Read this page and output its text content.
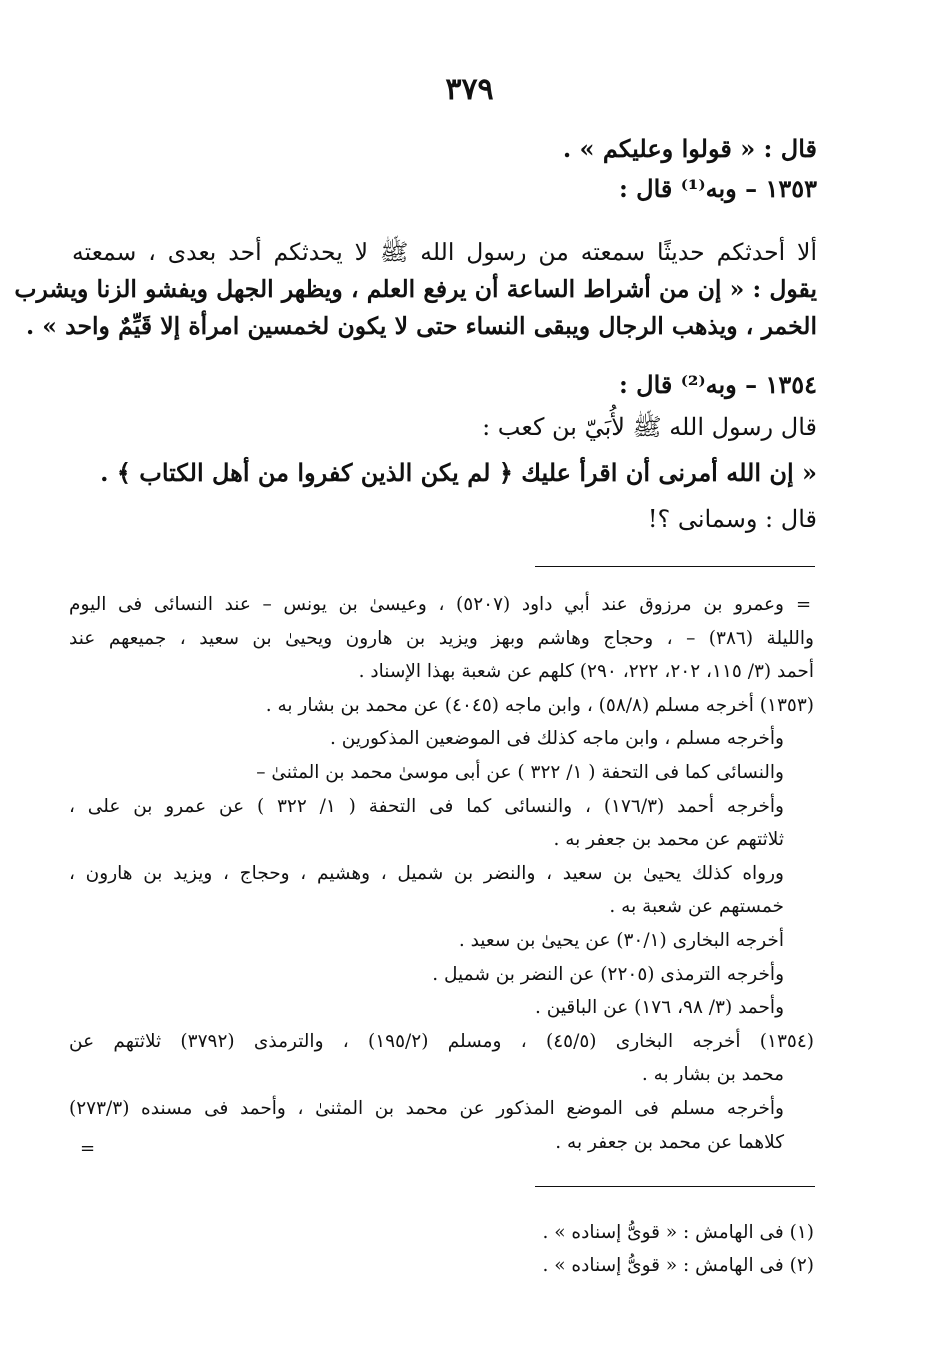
٣٧٩
قال : « قولوا وعليكم » .
١٣٥٣ – وبه⁽¹⁾ قال :
ألا أحدثكم حديثًا سمعته من رسول الله ﷺ لا يحدثكم أحد بعدى ، سمعته
يقول : « إن من أشراط الساعة أن يرفع العلم ، ويظهر الجهل ويفشو الزنا ويشرب
الخمر ، ويذهب الرجال ويبقى النساء حتى لا يكون لخمسين امرأة إلا قَيِّمٌ واحد » .
١٣٥٤ – وبه⁽²⁾ قال :
قال رسول الله ﷺ لأُبَيّ بن كعب :
« إن الله أمرنى أن اقرأ عليك ﴿ لم يكن الذين كفروا من أهل الكتاب ﴾ .
قال : وسمانى ؟!
=
وعمرو بن مرزوق عند أبي داود (٥٢٠٧) ، وعيسىٰ بن يونس – عند النسائى فى اليوم
والليلة (٣٨٦) – ، وحجاج وهاشم وبهز ويزيد بن هارون ويحيىٰ بن سعيد ، جميعهم عند
أحمد (٣/ ١١٥، ٢٠٢، ٢٢٢، ٢٩٠) كلهم عن شعبة بهذا الإسناد .
(١٣٥٣) أخرجه مسلم (٥٨/٨) ، وابن ماجه (٤٠٤٥) عن محمد بن بشار به .
وأخرجه مسلم ، وابن ماجه كذلك فى الموضعين المذكورين .
والنسائى كما فى التحفة ( ١/ ٣٢٢ ) عن أبى موسىٰ محمد بن المثنىٰ –
وأخرجه أحمد (١٧٦/٣) ، والنسائى كما فى التحفة ( ١/ ٣٢٢ ) عن عمرو بن على ،
ثلاثتهم عن محمد بن جعفر به .
ورواه كذلك يحيىٰ بن سعيد ، والنضر بن شميل ، وهشيم ، وحجاج ، ويزيد بن هارون ،
خمستهم عن شعبة به .
أخرجه البخارى (٣٠/١) عن يحيىٰ بن سعيد .
وأخرجه الترمذى (٢٢٠٥) عن النضر بن شميل .
وأحمد (٣/ ٩٨، ١٧٦) عن الباقين .
(١٣٥٤) أخرجه البخارى (٤٥/٥) ، ومسلم (١٩٥/٢) ، والترمذى (٣٧٩٢) ثلاثتهم عن
محمد بن بشار به .
وأخرجه مسلم فى الموضع المذكور عن محمد بن المثنىٰ ، وأحمد فى مسنده (٢٧٣/٣)
كلاهما عن محمد بن جعفر به .
=
(١) فى الهامش : « قوىُّ إسناده » .
(٢) فى الهامش : « قوىُّ إسناده » .
